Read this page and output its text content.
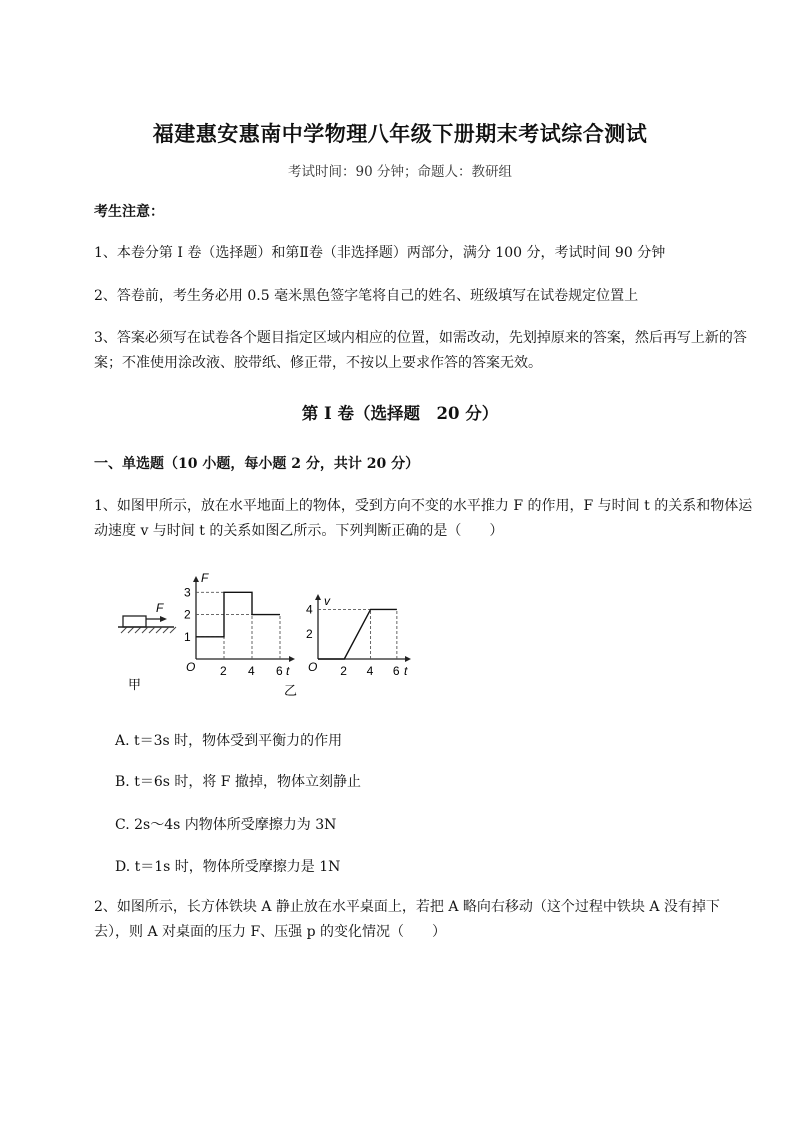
福建惠安惠南中学物理八年级下册期末考试综合测试
考试时间：90 分钟；命题人：教研组
考生注意：
1、本卷分第 I 卷（选择题）和第Ⅱ卷（非选择题）两部分，满分 100 分，考试时间 90 分钟
2、答卷前，考生务必用 0.5 毫米黑色签字笔将自己的姓名、班级填写在试卷规定位置上
3、答案必须写在试卷各个题目指定区域内相应的位置，如需改动，先划掉原来的答案，然后再写上新的答案；不准使用涂改液、胶带纸、修正带，不按以上要求作答的答案无效。
第 I 卷（选择题　20 分）
一、单选题（10 小题，每小题 2 分，共计 20 分）
1、如图甲所示，放在水平地面上的物体，受到方向不变的水平推力 F 的作用，F 与时间 t 的关系和物体运动速度 v 与时间 t 的关系如图乙所示。下列判断正确的是（　　）
F
甲
2 4 6
1
2
3
F
t
O	2 4 6
2
4
v
t
O
乙
A. t＝3s 时，物体受到平衡力的作用
B. t＝6s 时，将 F 撤掉，物体立刻静止
C. 2s～4s 内物体所受摩擦力为 3N
D. t＝1s 时，物体所受摩擦力是 1N
2、如图所示，长方体铁块 A 静止放在水平桌面上，若把 A 略向右移动（这个过程中铁块 A 没有掉下去），则 A 对桌面的压力 F、压强 p 的变化情况（　　）
